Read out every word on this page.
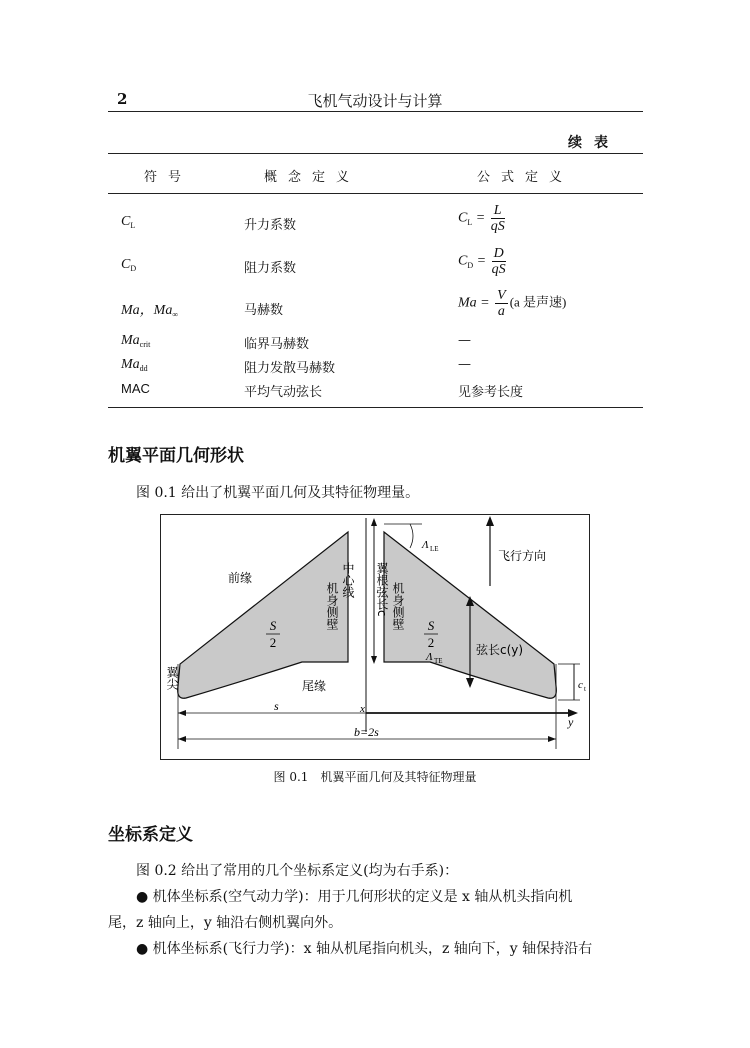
2	飞机气动设计与计算
续表
符号	概念定义	公式定义
$C_L$	升力系数	$C_L = \frac{L}{qS}$
$C_D$	阻力系数	$C_D = \frac{D}{qS}$
Ma，$Ma_\infty$	马赫数	$Ma = \frac{V}{a} (a$ 是声速)
$Ma_{crit}$	临界马赫数	—
$Ma_{dd}$	阻力发散马赫数	—
MAC	平均气动弦长	见参考长度
机翼平面几何形状
图 0.1 给出了机翼平面几何及其特征物理量。
前缘
尾缘
翼尖
S
2
S
2
机身侧壁
中心线 翼根弦长c 机身侧壁
Λ LE
Λ TE
飞行方向
弦长c(y)
c t
s
b=2s
x
y
图 0.1　机翼平面几何及其特征物理量
坐标系定义
图 0.2 给出了常用的几个坐标系定义(均为右手系)：
● 机体坐标系(空气动力学)：用于几何形状的定义是 x 轴从机头指向机
尾，z 轴向上，y 轴沿右侧机翼向外。
● 机体坐标系(飞行力学)：x 轴从机尾指向机头，z 轴向下，y 轴保持沿右
